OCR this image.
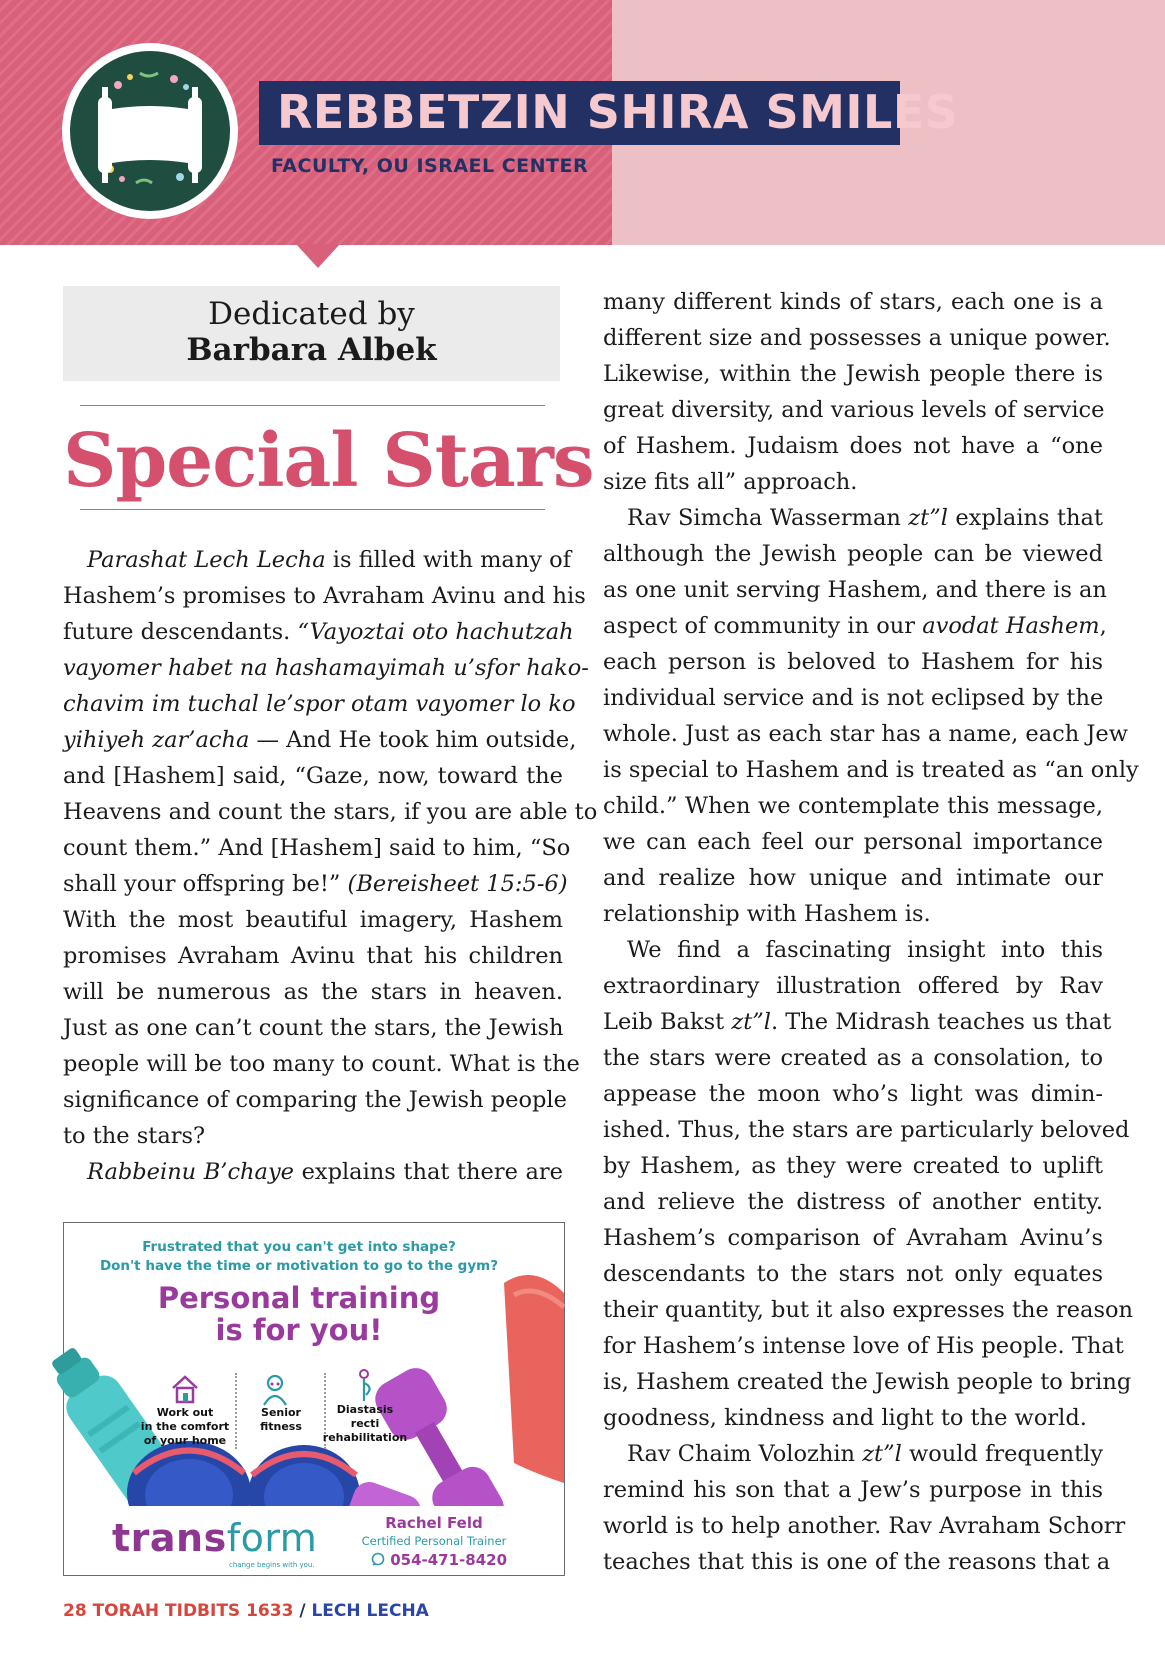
REBBETZIN SHIRA SMILES
FACULTY, OU ISRAEL CENTER
Dedicated by
Barbara Albek
Special Stars
Parashat Lech Lecha is filled with many of
Hashem’s promises to Avraham Avinu and his
future descendants. “Vayoztai oto hachutzah
vayomer habet na hashamayimah u’sfor hako-
chavim im tuchal le’spor otam vayomer lo ko
yihiyeh zar’acha — And He took him outside,
and [Hashem] said, “Gaze, now, toward the
Heavens and count the stars, if you are able to
count them.” And [Hashem] said to him, “So
shall your offspring be!” (Bereisheet 15:5-6)
With the most beautiful imagery, Hashem
promises Avraham Avinu that his children
will be numerous as the stars in heaven.
Just as one can’t count the stars, the Jewish
people will be too many to count. What is the
significance of comparing the Jewish people
to the stars?
Rabbeinu B’chaye explains that there are
many different kinds of stars, each one is a
different size and possesses a unique power.
Likewise, within the Jewish people there is
great diversity, and various levels of service
of Hashem. Judaism does not have a “one
size fits all” approach.
Rav Simcha Wasserman zt”l explains that
although the Jewish people can be viewed
as one unit serving Hashem, and there is an
aspect of community in our avodat Hashem,
each person is beloved to Hashem for his
individual service and is not eclipsed by the
whole. Just as each star has a name, each Jew
is special to Hashem and is treated as “an only
child.” When we contemplate this message,
we can each feel our personal importance
and realize how unique and intimate our
relationship with Hashem is.
We find a fascinating insight into this
extraordinary illustration offered by Rav
Leib Bakst zt”l. The Midrash teaches us that
the stars were created as a consolation, to
appease the moon who’s light was dimin-
ished. Thus, the stars are particularly beloved
by Hashem, as they were created to uplift
and relieve the distress of another entity.
Hashem’s comparison of Avraham Avinu’s
descendants to the stars not only equates
their quantity, but it also expresses the reason
for Hashem’s intense love of His people. That
is, Hashem created the Jewish people to bring
goodness, kindness and light to the world.
Rav Chaim Volozhin zt”l would frequently
remind his son that a Jew’s purpose in this
world is to help another. Rav Avraham Schorr
teaches that this is one of the reasons that a
Frustrated that you can't get into shape?
Don't have the time or motivation to go to the gym?
Personal training
is for you!
Work out
in the comfort
of your home
Senior
fitness
Diastasis
recti
rehabilitation
transform
change begins with you.
Rachel Feld
Certified Personal Trainer
054-471-8420
28 TORAH TIDBITS 1633 / LECH LECHA
